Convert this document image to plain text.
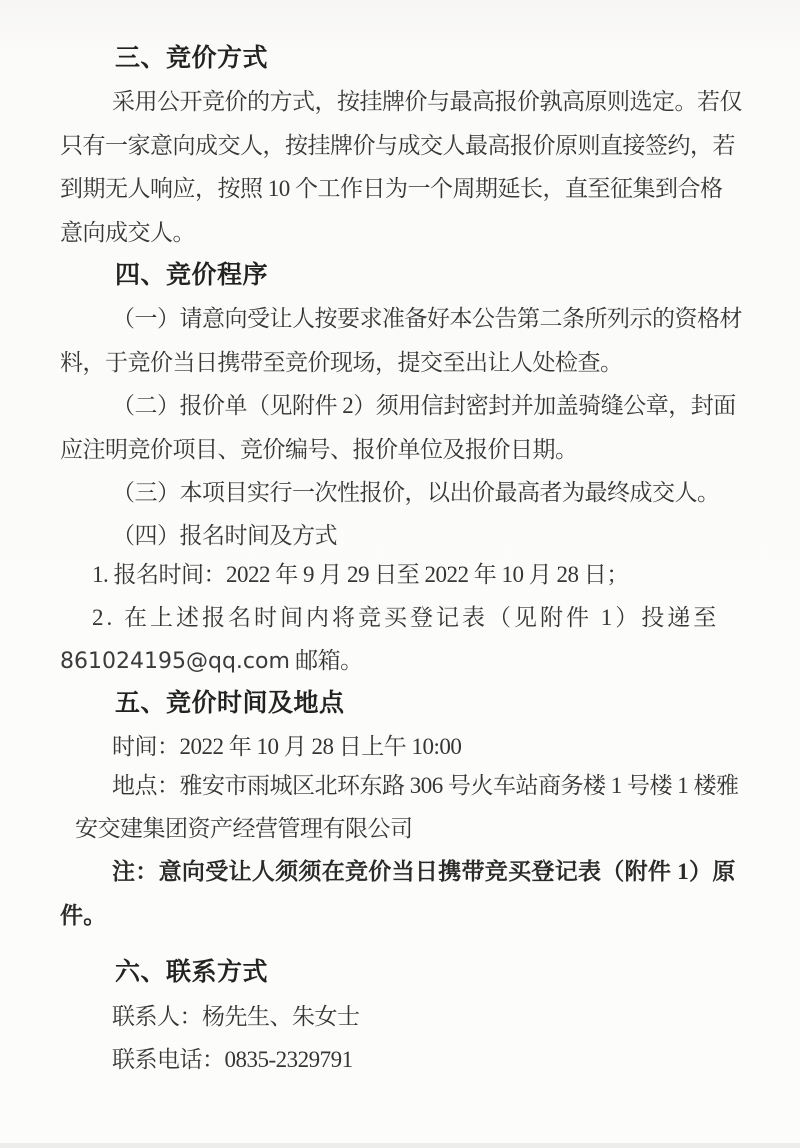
三、竞价方式
采用公开竞价的方式，按挂牌价与最高报价孰高原则选定。若仅
只有一家意向成交人，按挂牌价与成交人最高报价原则直接签约，若
到期无人响应，按照 10 个工作日为一个周期延长，直至征集到合格
意向成交人。
四、竞价程序
（一）请意向受让人按要求准备好本公告第二条所列示的资格材
料，于竞价当日携带至竞价现场，提交至出让人处检查。
（二）报价单（见附件 2）须用信封密封并加盖骑缝公章，封面
应注明竞价项目、竞价编号、报价单位及报价日期。
（三）本项目实行一次性报价，以出价最高者为最终成交人。
（四）报名时间及方式
1. 报名时间：2022 年 9 月 29 日至 2022 年 10 月 28 日；
2. 在上述报名时间内将竞买登记表（见附件 1）投递至
861024195@qq.com 邮箱。
五、竞价时间及地点
时间：2022 年 10 月 28 日上午 10:00
地点：雅安市雨城区北环东路 306 号火车站商务楼 1 号楼 1 楼雅
安交建集团资产经营管理有限公司
注：意向受让人须须在竞价当日携带竞买登记表（附件 1）原
件。
六、联系方式
联系人：杨先生、朱女士
联系电话：0835-2329791
